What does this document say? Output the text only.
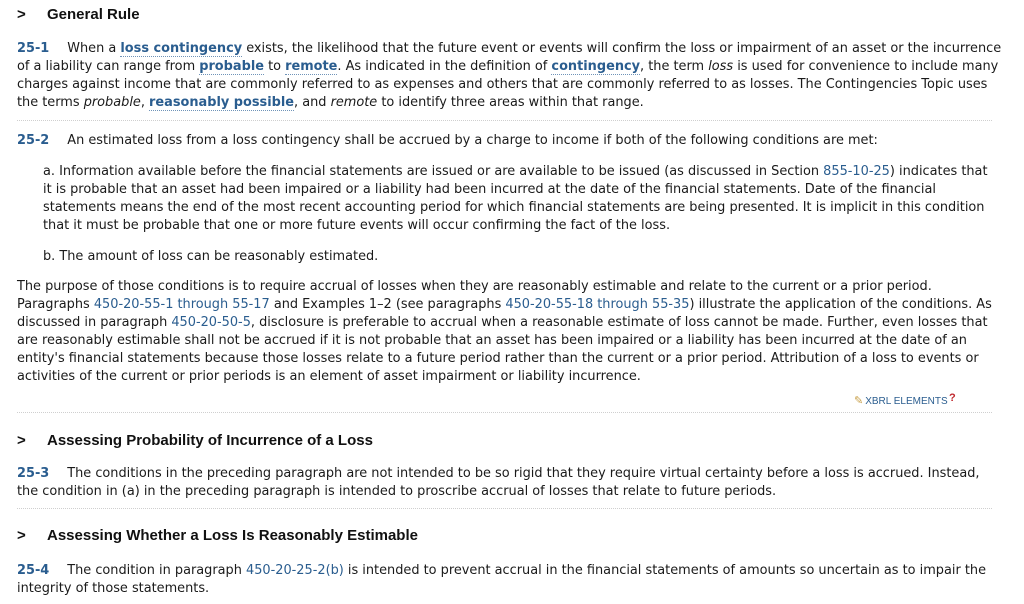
> General Rule
25-1 When a loss contingency exists, the likelihood that the future event or events will confirm the loss or impairment of an asset or the incurrence of a liability can range from probable to remote. As indicated in the definition of contingency, the term loss is used for convenience to include many charges against income that are commonly referred to as expenses and others that are commonly referred to as losses. The Contingencies Topic uses the terms probable, reasonably possible, and remote to identify three areas within that range.
25-2 An estimated loss from a loss contingency shall be accrued by a charge to income if both of the following conditions are met:
a. Information available before the financial statements are issued or are available to be issued (as discussed in Section 855-10-25) indicates that it is probable that an asset had been impaired or a liability had been incurred at the date of the financial statements. Date of the financial statements means the end of the most recent accounting period for which financial statements are being presented. It is implicit in this condition that it must be probable that one or more future events will occur confirming the fact of the loss.
b. The amount of loss can be reasonably estimated.
The purpose of those conditions is to require accrual of losses when they are reasonably estimable and relate to the current or a prior period. Paragraphs 450-20-55-1 through 55-17 and Examples 1–2 (see paragraphs 450-20-55-18 through 55-35) illustrate the application of the conditions. As discussed in paragraph 450-20-50-5, disclosure is preferable to accrual when a reasonable estimate of loss cannot be made. Further, even losses that are reasonably estimable shall not be accrued if it is not probable that an asset has been impaired or a liability has been incurred at the date of an entity's financial statements because those losses relate to a future period rather than the current or a prior period. Attribution of a loss to events or activities of the current or prior periods is an element of asset impairment or liability incurrence.
✎ XBRL ELEMENTS ?
> Assessing Probability of Incurrence of a Loss
25-3 The conditions in the preceding paragraph are not intended to be so rigid that they require virtual certainty before a loss is accrued. Instead, the condition in (a) in the preceding paragraph is intended to proscribe accrual of losses that relate to future periods.
> Assessing Whether a Loss Is Reasonably Estimable
25-4 The condition in paragraph 450-20-25-2(b) is intended to prevent accrual in the financial statements of amounts so uncertain as to impair the integrity of those statements.
